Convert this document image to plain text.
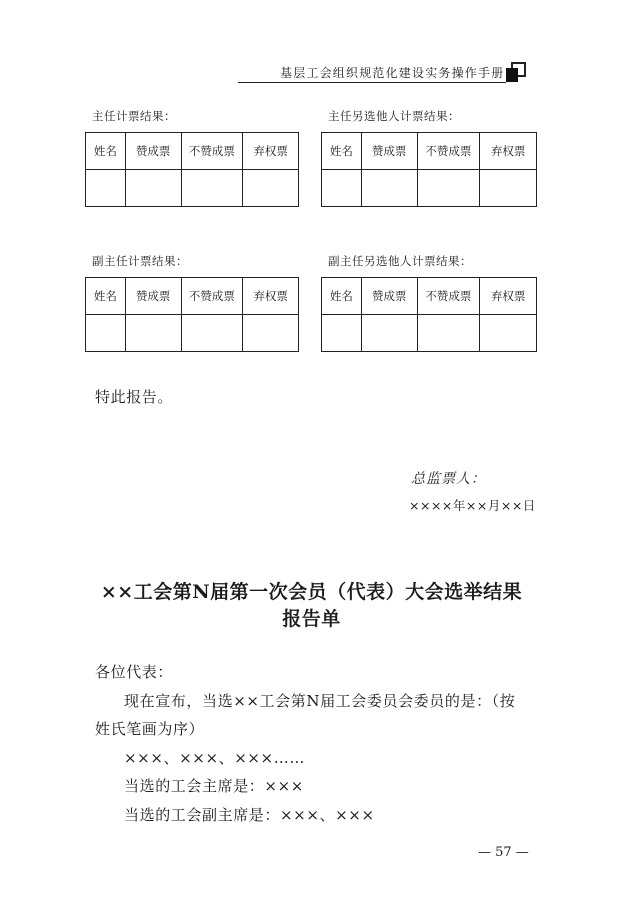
基层工会组织规范化建设实务操作手册
主任计票结果：
姓名	赞成票	不赞成票	弃权票

主任另选他人计票结果：
姓名	赞成票	不赞成票	弃权票

副主任计票结果：
姓名	赞成票	不赞成票	弃权票

副主任另选他人计票结果：
姓名	赞成票	不赞成票	弃权票

特此报告。
总监票人：
××××年××月××日
××工会第N届第一次会员（代表）大会选举结果
报告单
各位代表：
现在宣布，当选××工会第N届工会委员会委员的是：（按
姓氏笔画为序）
×××、×××、×××……
当选的工会主席是：×××
当选的工会副主席是：×××、×××
— 57 —
